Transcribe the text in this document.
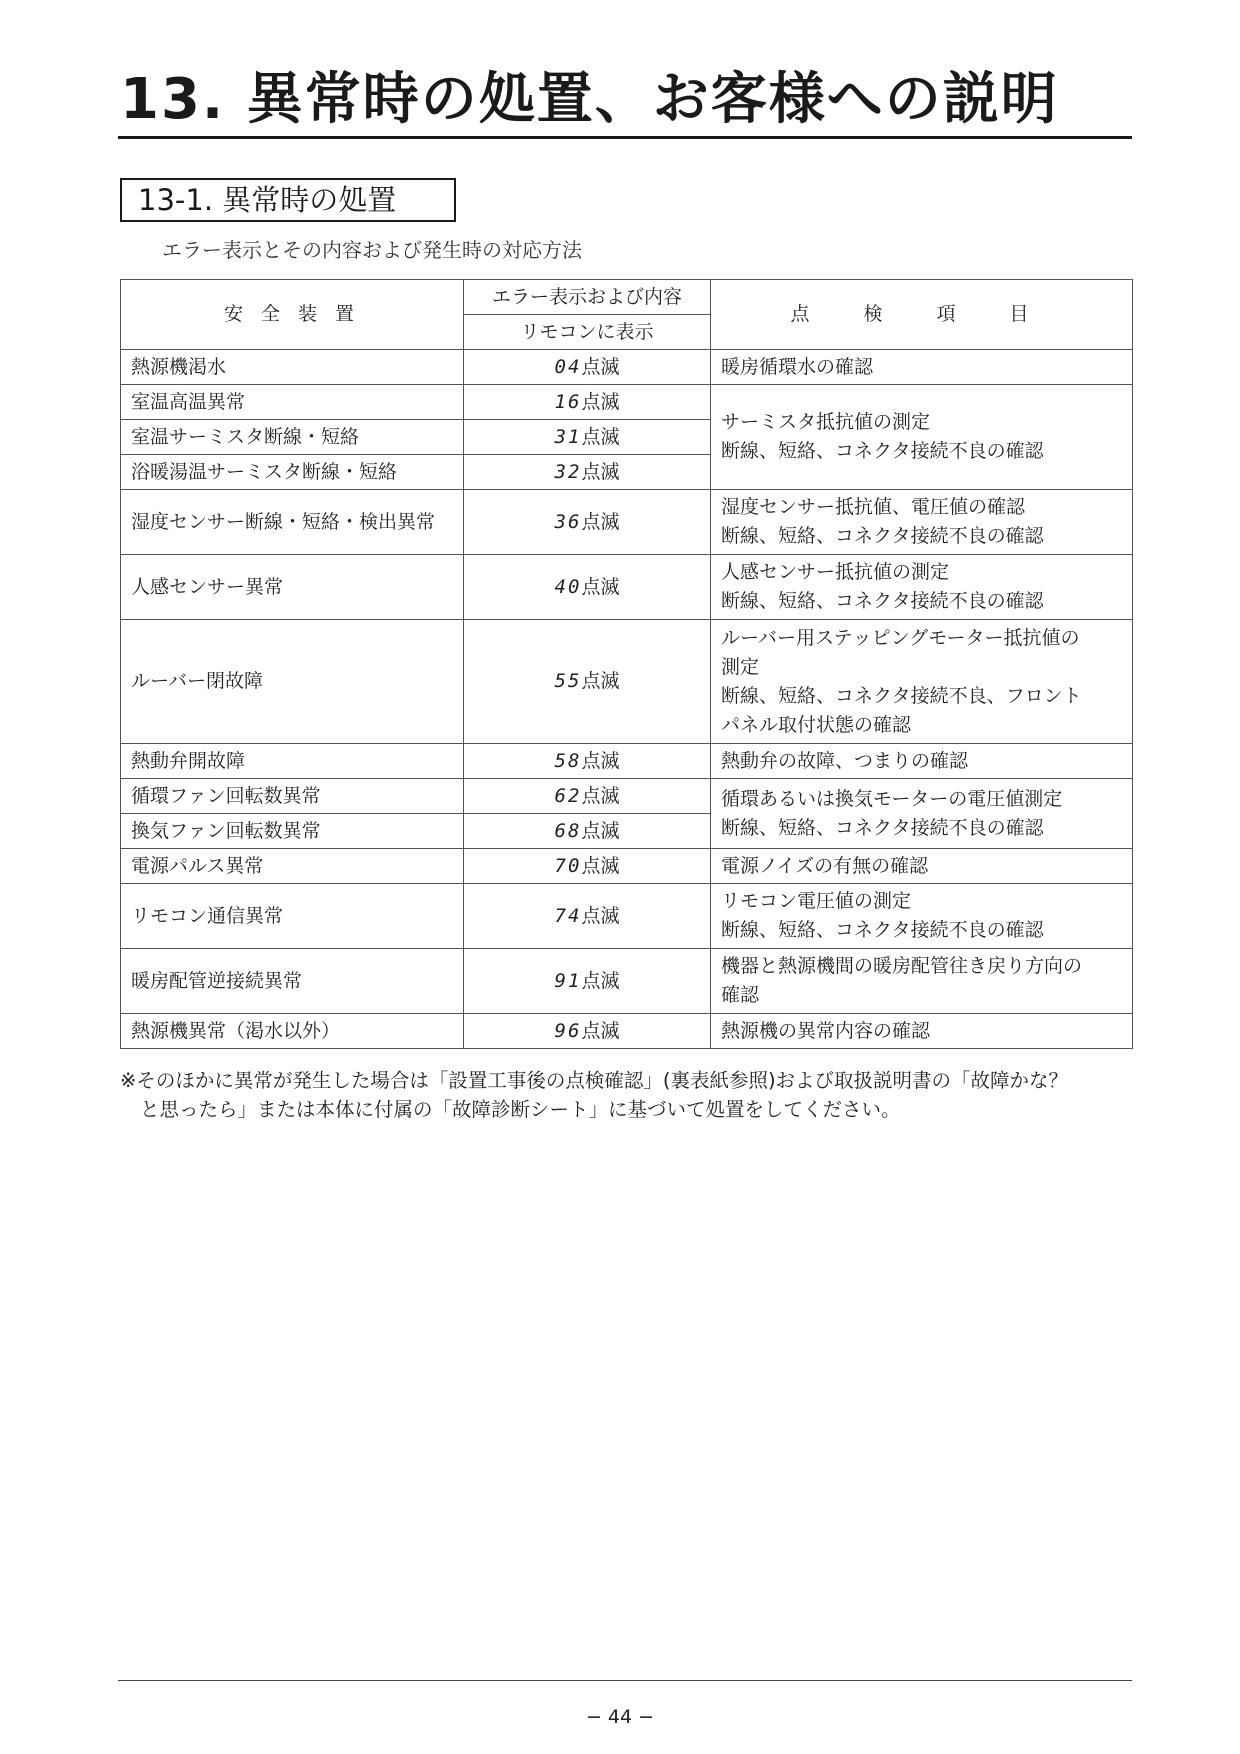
13. 異常時の処置、お客様への説明
13-1. 異常時の処置
エラー表示とその内容および発生時の対応方法
安 全 装 置	エラー表示および内容	点 検 項 目
	リモコンに表示	
熱源機渇水	04点滅	暖房循環水の確認
室温高温異常	16点滅	サーミスタ抵抗値の測定
断線、短絡、コネクタ接続不良の確認

室温サーミスタ断線・短絡	31点滅	
浴暖湯温サーミスタ断線・短絡	32点滅	
湿度センサー断線・短絡・検出異常	36点滅	湿度センサー抵抗値、電圧値の確認
断線、短絡、コネクタ接続不良の確認

人感センサー異常	40点滅	人感センサー抵抗値の測定
断線、短絡、コネクタ接続不良の確認

ルーバー閉故障	55点滅	ルーバー用ステッピングモーター抵抗値の
測定
断線、短絡、コネクタ接続不良、フロント
パネル取付状態の確認

熱動弁開故障	58点滅	熱動弁の故障、つまりの確認
循環ファン回転数異常	62点滅	循環あるいは換気モーターの電圧値測定
断線、短絡、コネクタ接続不良の確認

換気ファン回転数異常	68点滅	
電源パルス異常	70点滅	電源ノイズの有無の確認
リモコン通信異常	74点滅	リモコン電圧値の測定
断線、短絡、コネクタ接続不良の確認

暖房配管逆接続異常	91点滅	機器と熱源機間の暖房配管往き戻り方向の
確認

熱源機異常（渇水以外）	96点滅	熱源機の異常内容の確認
※そのほかに異常が発生した場合は「設置工事後の点検確認」(裏表紙参照)および取扱説明書の「故障かな？
と思ったら」または本体に付属の「故障診断シート」に基づいて処置をしてください。
− 44 −
